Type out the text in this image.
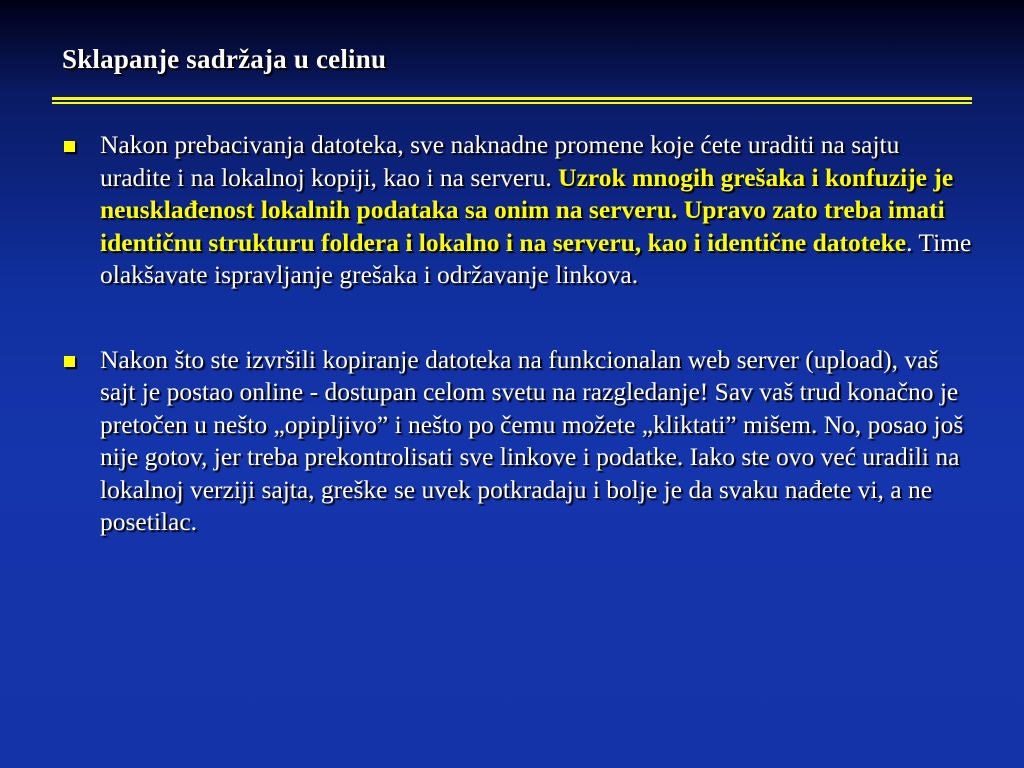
Sklapanje sadržaja u celinu
Nakon prebacivanja datoteka, sve naknadne promene koje ćete uraditi na sajtu uradite i na lokalnoj kopiji, kao i na serveru. Uzrok mnogih grešaka i konfuzije je neusklađenost lokalnih podataka sa onim na serveru. Upravo zato treba imati identičnu strukturu foldera i lokalno i na serveru, kao i identične datoteke. Time olakšavate ispravljanje grešaka i održavanje linkova.
Nakon što ste izvršili kopiranje datoteka na funkcionalan web server (upload), vaš sajt je postao online - dostupan celom svetu na razgledanje! Sav vaš trud konačno je pretočen u nešto „opipljivo” i nešto po čemu možete „kliktati” mišem. No, posao još nije gotov, jer treba prekontrolisati sve linkove i podatke. Iako ste ovo već uradili na lokalnoj verziji sajta, greške se uvek potkradaju i bolje je da svaku nađete vi, a ne posetilac.
